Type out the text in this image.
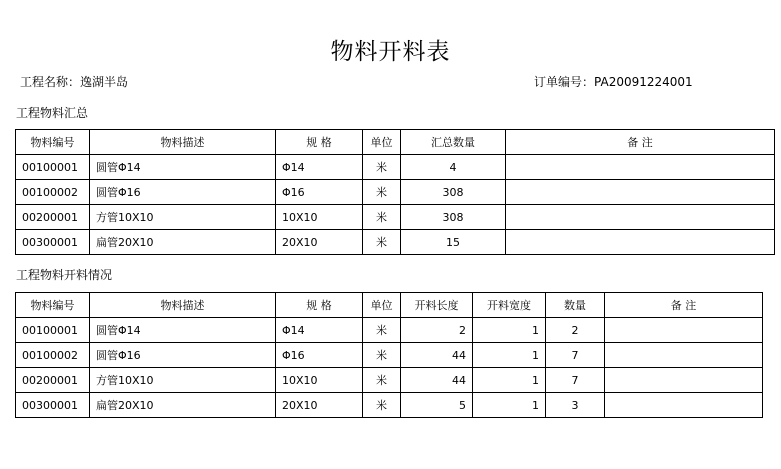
物料开料表
工程名称：逸湖半岛	订单编号：PA20091224001
工程物料汇总
物料编号	物料描述	规 格	单位	汇总数量	备 注
00100001	圆管Φ14	Φ14	米	4	
00100002	圆管Φ16	Φ16	米	308	
00200001	方管10X10	10X10	米	308	
00300001	扁管20X10	20X10	米	15	
工程物料开料情况
物料编号	物料描述	规 格	单位	开料长度	开料宽度	数量	备 注
00100001	圆管Φ14	Φ14	米	2	1	2	
00100002	圆管Φ16	Φ16	米	44	1	7	
00200001	方管10X10	10X10	米	44	1	7	
00300001	扁管20X10	20X10	米	5	1	3	
